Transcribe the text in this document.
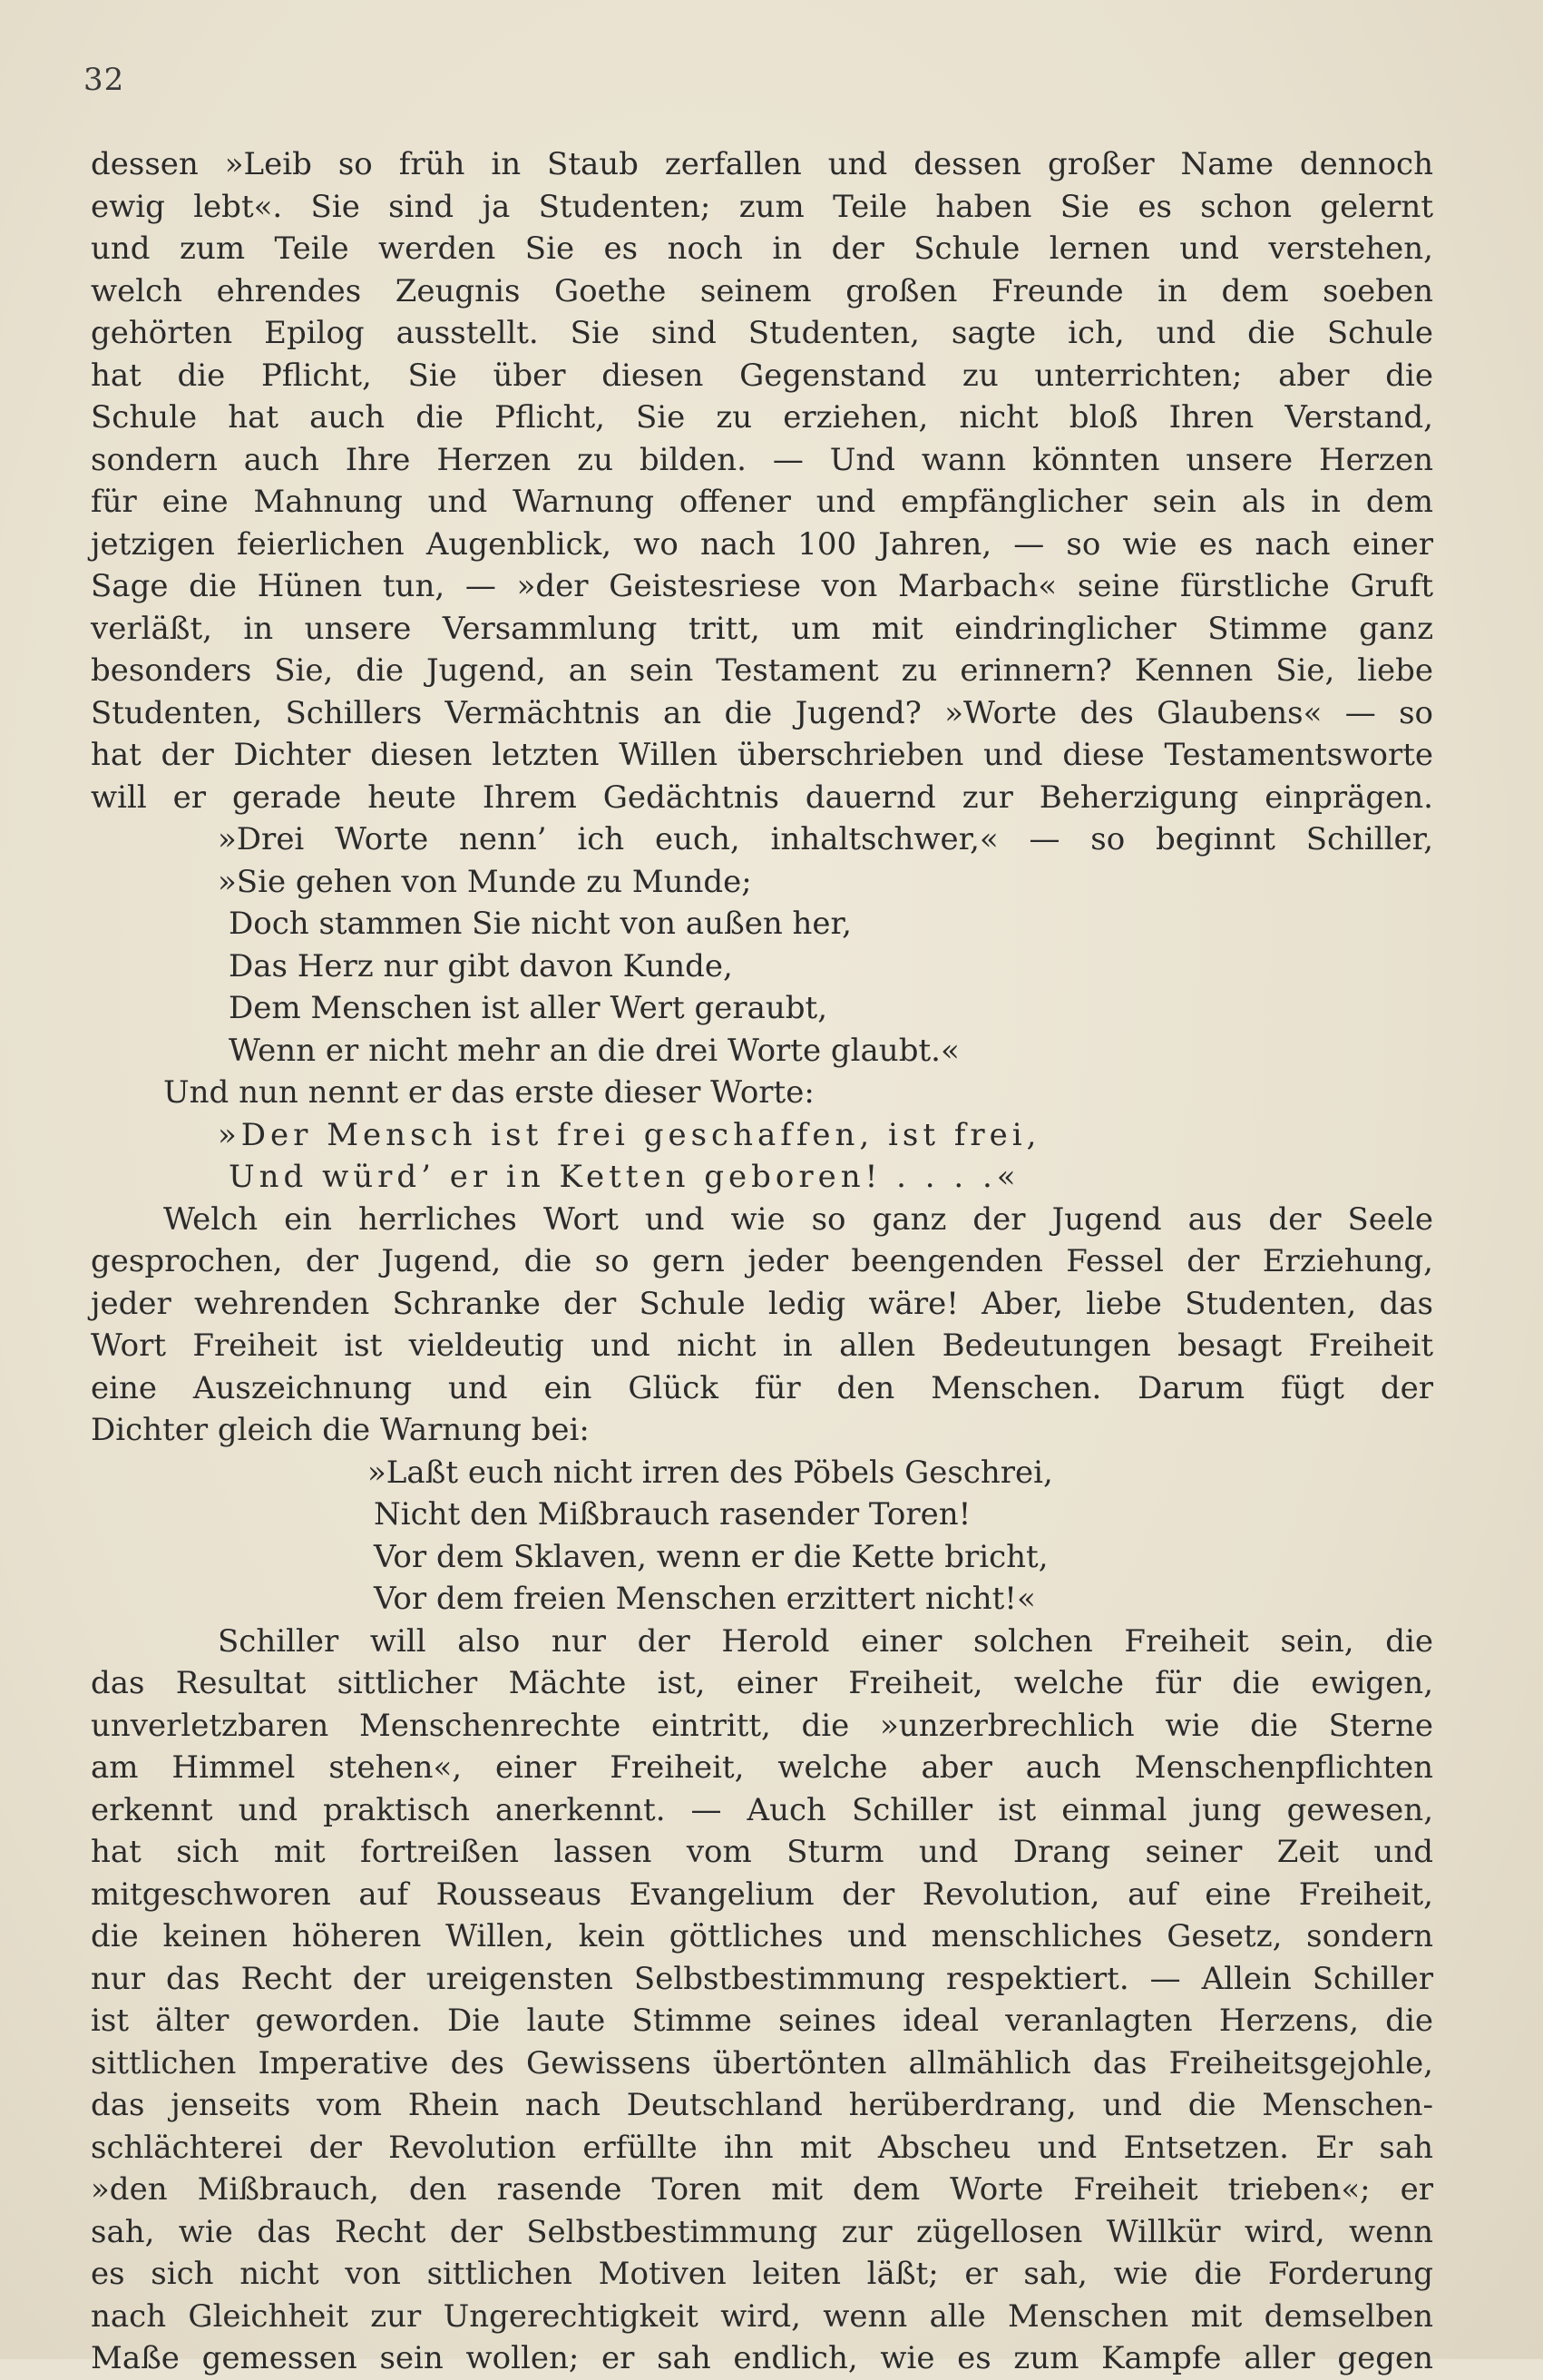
32
dessen »Leib so früh in Staub zerfallen und dessen großer Name dennoch
ewig lebt«. Sie sind ja Studenten; zum Teile haben Sie es schon gelernt
und zum Teile werden Sie es noch in der Schule lernen und verstehen,
welch ehrendes Zeugnis Goethe seinem großen Freunde in dem soeben
gehörten Epilog ausstellt. Sie sind Studenten, sagte ich, und die Schule
hat die Pflicht, Sie über diesen Gegenstand zu unterrichten; aber die
Schule hat auch die Pflicht, Sie zu erziehen, nicht bloß Ihren Verstand,
sondern auch Ihre Herzen zu bilden. — Und wann könnten unsere Herzen
für eine Mahnung und Warnung offener und empfänglicher sein als in dem
jetzigen feierlichen Augenblick, wo nach 100 Jahren, — so wie es nach einer
Sage die Hünen tun, — »der Geistesriese von Marbach« seine fürstliche Gruft
verläßt, in unsere Versammlung tritt, um mit eindringlicher Stimme ganz
besonders Sie, die Jugend, an sein Testament zu erinnern? Kennen Sie, liebe
Studenten, Schillers Vermächtnis an die Jugend? »Worte des Glaubens« — so
hat der Dichter diesen letzten Willen überschrieben und diese Testamentsworte
will er gerade heute Ihrem Gedächtnis dauernd zur Beherzigung einprägen.
»Drei Worte nenn’ ich euch, inhaltschwer,« — so beginnt Schiller,
»Sie gehen von Munde zu Munde;
Doch stammen Sie nicht von außen her,
Das Herz nur gibt davon Kunde,
Dem Menschen ist aller Wert geraubt,
Wenn er nicht mehr an die drei Worte glaubt.«
Und nun nennt er das erste dieser Worte:
»Der Mensch ist frei geschaffen, ist frei,
Und würd’ er in Ketten geboren! . . . .«
Welch ein herrliches Wort und wie so ganz der Jugend aus der Seele
gesprochen, der Jugend, die so gern jeder beengenden Fessel der Erziehung,
jeder wehrenden Schranke der Schule ledig wäre! Aber, liebe Studenten, das
Wort Freiheit ist vieldeutig und nicht in allen Bedeutungen besagt Freiheit
eine Auszeichnung und ein Glück für den Menschen. Darum fügt der
Dichter gleich die Warnung bei:
»Laßt euch nicht irren des Pöbels Geschrei,
Nicht den Mißbrauch rasender Toren!
Vor dem Sklaven, wenn er die Kette bricht,
Vor dem freien Menschen erzittert nicht!«
Schiller will also nur der Herold einer solchen Freiheit sein, die
das Resultat sittlicher Mächte ist, einer Freiheit, welche für die ewigen,
unverletzbaren Menschenrechte eintritt, die »unzerbrechlich wie die Sterne
am Himmel stehen«, einer Freiheit, welche aber auch Menschenpflichten
erkennt und praktisch anerkennt. — Auch Schiller ist einmal jung gewesen,
hat sich mit fortreißen lassen vom Sturm und Drang seiner Zeit und
mitgeschworen auf Rousseaus Evangelium der Revolution, auf eine Freiheit,
die keinen höheren Willen, kein göttliches und menschliches Gesetz, sondern
nur das Recht der ureigensten Selbstbestimmung respektiert. — Allein Schiller
ist älter geworden. Die laute Stimme seines ideal veranlagten Herzens, die
sittlichen Imperative des Gewissens übertönten allmählich das Freiheitsgejohle,
das jenseits vom Rhein nach Deutschland herüberdrang, und die Menschen-
schlächterei der Revolution erfüllte ihn mit Abscheu und Entsetzen. Er sah
»den Mißbrauch, den rasende Toren mit dem Worte Freiheit trieben«; er
sah, wie das Recht der Selbstbestimmung zur zügellosen Willkür wird, wenn
es sich nicht von sittlichen Motiven leiten läßt; er sah, wie die Forderung
nach Gleichheit zur Ungerechtigkeit wird, wenn alle Menschen mit demselben
Maße gemessen sein wollen; er sah endlich, wie es zum Kampfe aller gegen
